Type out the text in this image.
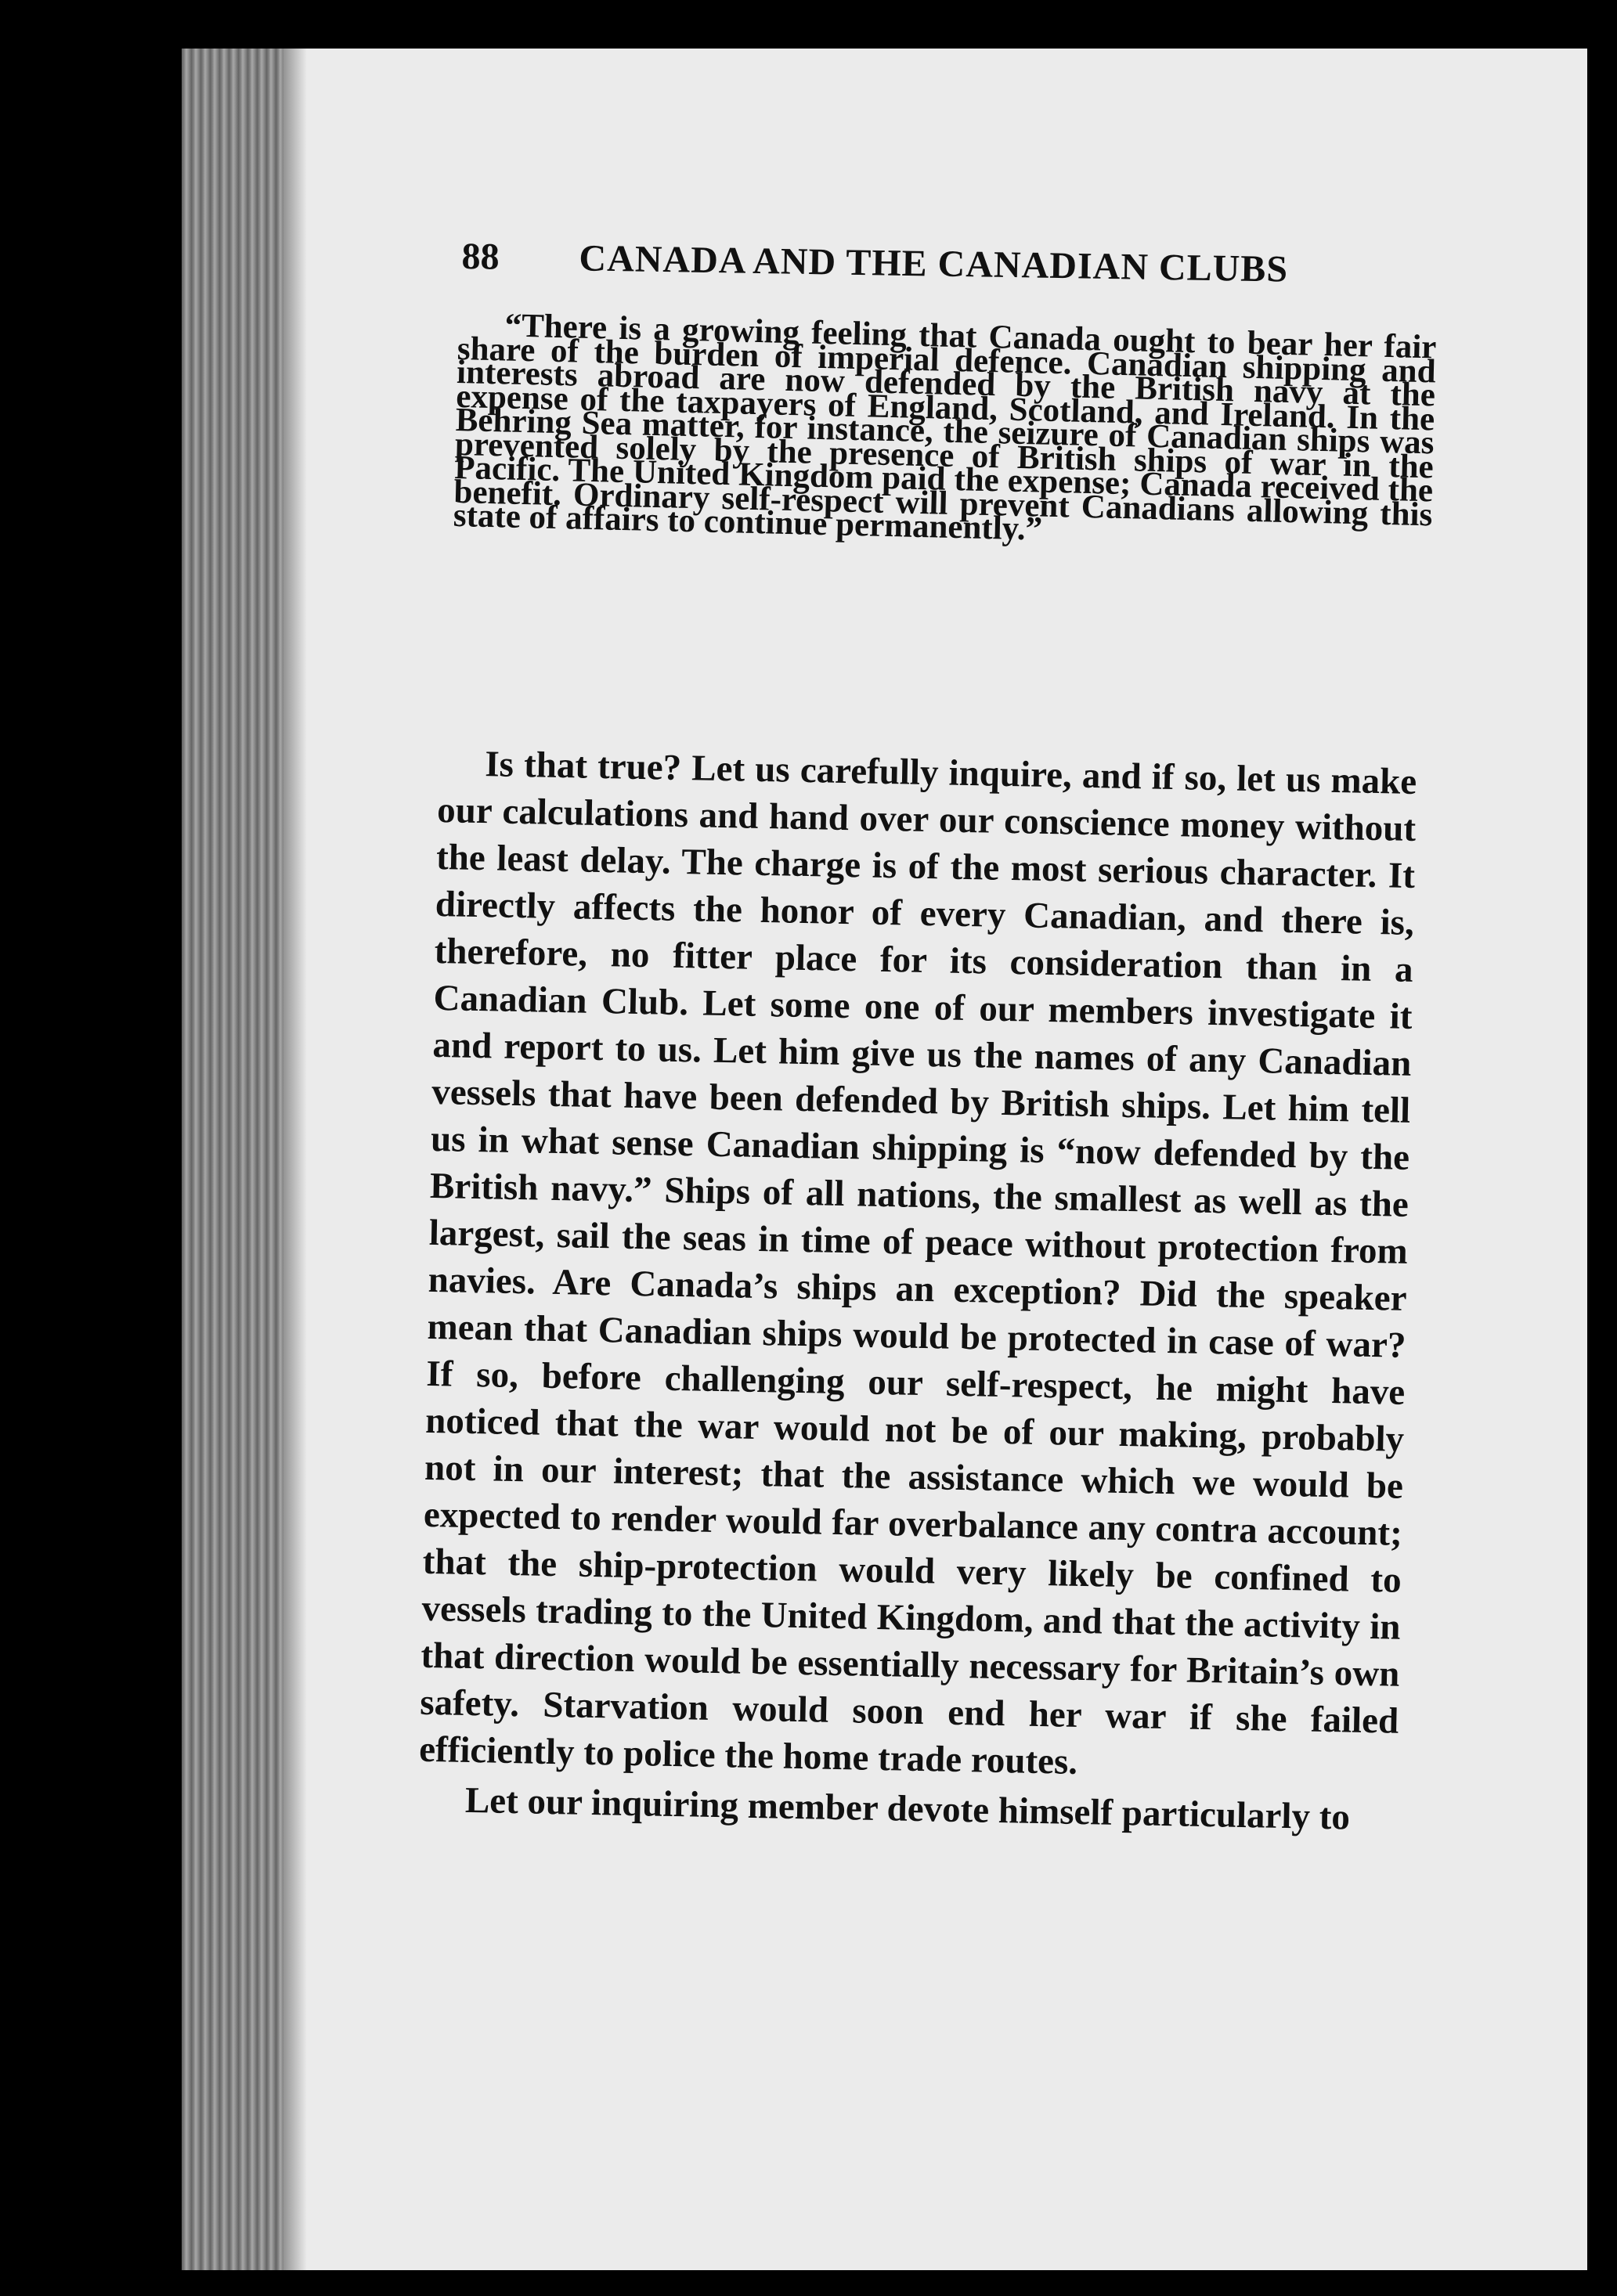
88 CANADA AND THE CANADIAN CLUBS

“There is a growing feeling that Canada ought to bear her fair share of the burden of imperial defence. Canadian shipping and interests abroad are now defended by the British navy at the expense of the taxpayers of England, Scotland, and Ireland. In the Behring Sea matter, for instance, the seizure of Canadian ships was prevented solely by the presence of British ships of war in the Pacific. The United Kingdom paid the expense; Canada received the benefit. Ordinary self-respect will prevent Canadians allowing this state of affairs to continue permanently.”

Is that true? Let us carefully inquire, and if so, let us make our calculations and hand over our conscience money without the least delay. The charge is of the most serious character. It directly affects the honor of every Canadian, and there is, therefore, no fitter place for its consideration than in a Canadian Club. Let some one of our members investigate it and report to us. Let him give us the names of any Canadian vessels that have been defended by British ships. Let him tell us in what sense Canadian shipping is “now defended by the British navy.” Ships of all nations, the smallest as well as the largest, sail the seas in time of peace without protection from navies. Are Canada’s ships an exception? Did the speaker mean that Canadian ships would be protected in case of war? If so, before challenging our self-respect, he might have noticed that the war would not be of our making, probably not in our interest; that the assistance which we would be expected to render would far overbalance any contra account; that the ship-protection would very likely be confined to vessels trading to the United Kingdom, and that the activity in that direction would be essentially necessary for Britain’s own safety. Starvation would soon end her war if she failed efficiently to police the home trade routes.

Let our inquiring member devote himself particularly to
